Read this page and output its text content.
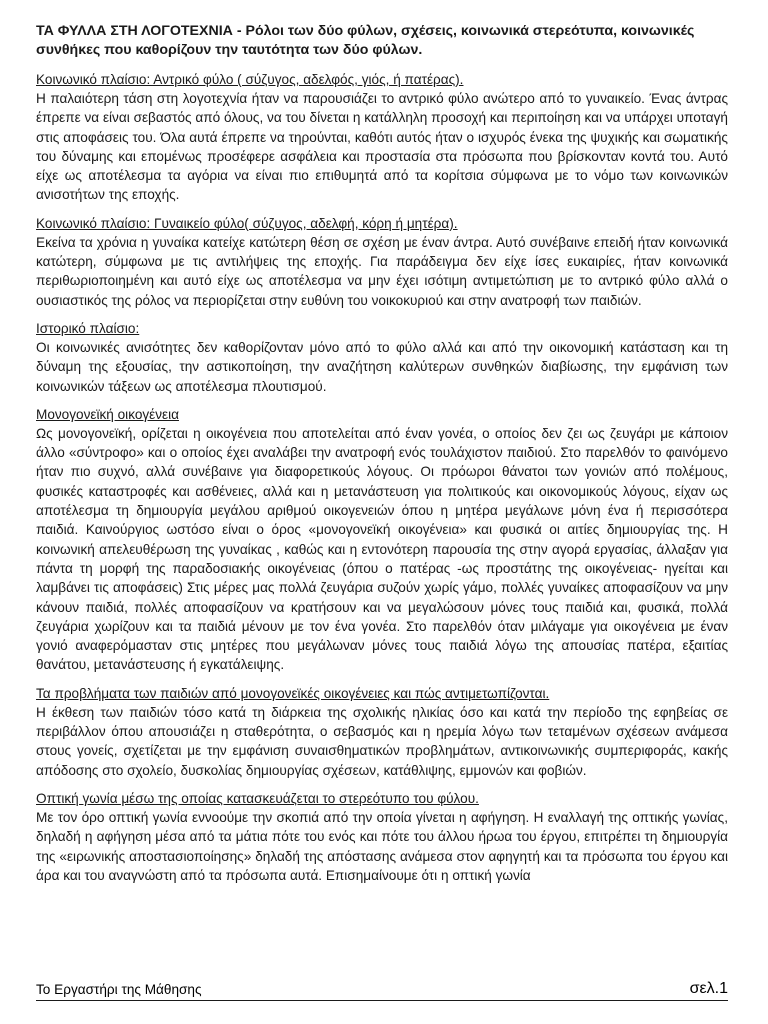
ΤΑ ΦΥΛΛΑ ΣΤΗ ΛΟΓΟΤΕΧΝΙΑ - Ρόλοι των δύο φύλων, σχέσεις, κοινωνικά στερεότυπα, κοινωνικές συνθήκες που καθορίζουν την ταυτότητα των δύο φύλων.

Κοινωνικό πλαίσιο: Αντρικό φύλο ( σύζυγος, αδελφός, γιός, ή πατέρας).

Η παλαιότερη τάση στη λογοτεχνία ήταν να παρουσιάζει το αντρικό φύλο ανώτερο από το γυναικείο. Ένας άντρας έπρεπε να είναι σεβαστός από όλους, να του δίνεται η κατάλληλη προσοχή και περιποίηση και να υπάρχει υποταγή στις αποφάσεις του. Όλα αυτά έπρεπε να τηρούνται, καθότι αυτός ήταν ο ισχυρός ένεκα της ψυχικής και σωματικής του δύναμης και επομένως προσέφερε ασφάλεια και προστασία στα πρόσωπα που βρίσκονταν κοντά του. Αυτό είχε ως αποτέλεσμα τα αγόρια να είναι πιο επιθυμητά από τα κορίτσια σύμφωνα με το νόμο των κοινωνικών ανισοτήτων της εποχής.

Κοινωνικό πλαίσιο: Γυναικείο φύλο( σύζυγος, αδελφή, κόρη ή μητέρα).

Εκείνα τα χρόνια η γυναίκα κατείχε κατώτερη θέση σε σχέση με έναν άντρα. Αυτό συνέβαινε επειδή ήταν κοινωνικά κατώτερη, σύμφωνα με τις αντιλήψεις της εποχής. Για παράδειγμα δεν είχε ίσες ευκαιρίες, ήταν κοινωνικά περιθωριοποιημένη και αυτό είχε ως αποτέλεσμα να μην έχει ισότιμη αντιμετώπιση με το αντρικό φύλο αλλά ο ουσιαστικός της ρόλος να περιορίζεται στην ευθύνη του νοικοκυριού και στην ανατροφή των παιδιών.

Ιστορικό πλαίσιο:

Οι κοινωνικές ανισότητες δεν καθορίζονταν μόνο από το φύλο αλλά και από την οικονομική κατάσταση και τη δύναμη της εξουσίας, την αστικοποίηση, την αναζήτηση καλύτερων συνθηκών διαβίωσης, την εμφάνιση των κοινωνικών τάξεων ως αποτέλεσμα πλουτισμού.

Μονογονεϊκή οικογένεια

Ως μονογονεϊκή, ορίζεται η οικογένεια που αποτελείται από έναν γονέα, ο οποίος δεν ζει ως ζευγάρι με κάποιον άλλο «σύντροφο» και ο οποίος έχει αναλάβει την ανατροφή ενός τουλάχιστον παιδιού. Στο παρελθόν το φαινόμενο ήταν πιο συχνό, αλλά συνέβαινε για διαφορετικούς λόγους. Οι πρόωροι θάνατοι των γονιών από πολέμους, φυσικές καταστροφές και ασθένειες, αλλά και η μετανάστευση για πολιτικούς και οικονομικούς λόγους, είχαν ως αποτέλεσμα τη δημιουργία μεγάλου αριθμού οικογενειών όπου η μητέρα μεγάλωνε μόνη ένα ή περισσότερα παιδιά. Καινούργιος ωστόσο είναι ο όρος «μονογονεϊκή οικογένεια» και φυσικά οι αιτίες δημιουργίας της. Η κοινωνική απελευθέρωση της γυναίκας , καθώς και η εντονότερη παρουσία της στην αγορά εργασίας, άλλαξαν για πάντα τη μορφή της παραδοσιακής οικογένειας (όπου ο πατέρας -ως προστάτης της οικογένειας- ηγείται και λαμβάνει τις αποφάσεις) Στις μέρες μας πολλά ζευγάρια συζούν χωρίς γάμο, πολλές γυναίκες αποφασίζουν να μην κάνουν παιδιά, πολλές αποφασίζουν να κρατήσουν και να μεγαλώσουν μόνες τους παιδιά και, φυσικά, πολλά ζευγάρια χωρίζουν και τα παιδιά μένουν με τον ένα γονέα. Στο παρελθόν όταν μιλάγαμε για οικογένεια με έναν γονιό αναφερόμασταν στις μητέρες που μεγάλωναν μόνες τους παιδιά λόγω της απουσίας πατέρα, εξαιτίας θανάτου, μετανάστευσης ή εγκατάλειψης.

Τα προβλήματα των παιδιών από μονογονεϊκές οικογένειες και πώς αντιμετωπίζονται.

Η έκθεση των παιδιών τόσο κατά τη διάρκεια της σχολικής ηλικίας όσο και κατά την περίοδο της εφηβείας σε περιβάλλον όπου απουσιάζει η σταθερότητα, ο σεβασμός και η ηρεμία λόγω των τεταμένων σχέσεων ανάμεσα στους γονείς, σχετίζεται με την εμφάνιση συναισθηματικών προβλημάτων, αντικοινωνικής συμπεριφοράς, κακής απόδοσης στο σχολείο, δυσκολίας δημιουργίας σχέσεων, κατάθλιψης, εμμονών και φοβιών.

Οπτική γωνία μέσω της οποίας κατασκευάζεται το στερεότυπο του φύλου.

Με τον όρο οπτική γωνία εννοούμε την σκοπιά από την οποία γίνεται η αφήγηση. Η εναλλαγή της οπτικής γωνίας, δηλαδή η αφήγηση μέσα από τα μάτια πότε του ενός και πότε του άλλου ήρωα του έργου, επιτρέπει τη δημιουργία της «ειρωνικής αποστασιοποίησης» δηλαδή της απόστασης ανάμεσα στον αφηγητή και τα πρόσωπα του έργου και άρα και του αναγνώστη από τα πρόσωπα αυτά. Επισημαίνουμε ότι η οπτική γωνία

Το Εργαστήρι της Μάθησης	σελ.1
